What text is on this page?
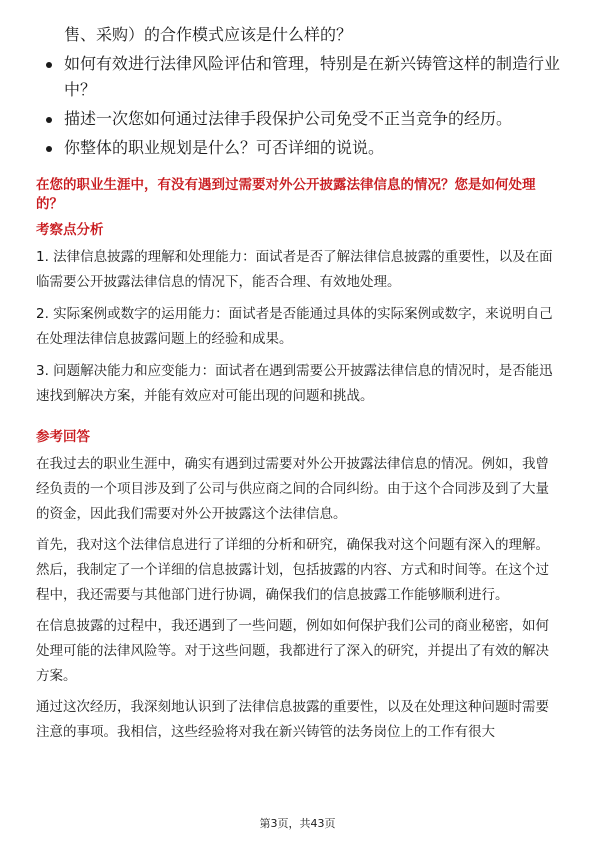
售、采购）的合作模式应该是什么样的？

如何有效进行法律风险评估和管理，特别是在新兴铸管这样的制造行业中？
描述一次您如何通过法律手段保护公司免受不正当竞争的经历。
你整体的职业规划是什么？可否详细的说说。

在您的职业生涯中，有没有遇到过需要对外公开披露法律信息的情况？您是如何处理的？

考察点分析

1. 法律信息披露的理解和处理能力：面试者是否了解法律信息披露的重要性，以及在面临需要公开披露法律信息的情况下，能否合理、有效地处理。

2. 实际案例或数字的运用能力：面试者是否能通过具体的实际案例或数字，来说明自己在处理法律信息披露问题上的经验和成果。

3. 问题解决能力和应变能力：面试者在遇到需要公开披露法律信息的情况时，是否能迅速找到解决方案，并能有效应对可能出现的问题和挑战。

参考回答

在我过去的职业生涯中，确实有遇到过需要对外公开披露法律信息的情况。例如，我曾经负责的一个项目涉及到了公司与供应商之间的合同纠纷。由于这个合同涉及到了大量的资金，因此我们需要对外公开披露这个法律信息。

首先，我对这个法律信息进行了详细的分析和研究，确保我对这个问题有深入的理解。然后，我制定了一个详细的信息披露计划，包括披露的内容、方式和时间等。在这个过程中，我还需要与其他部门进行协调，确保我们的信息披露工作能够顺利进行。

在信息披露的过程中，我还遇到了一些问题，例如如何保护我们公司的商业秘密，如何处理可能的法律风险等。对于这些问题，我都进行了深入的研究，并提出了有效的解决方案。

通过这次经历，我深刻地认识到了法律信息披露的重要性，以及在处理这种问题时需要注意的事项。我相信，这些经验将对我在新兴铸管的法务岗位上的工作有很大

第3页，共43页
